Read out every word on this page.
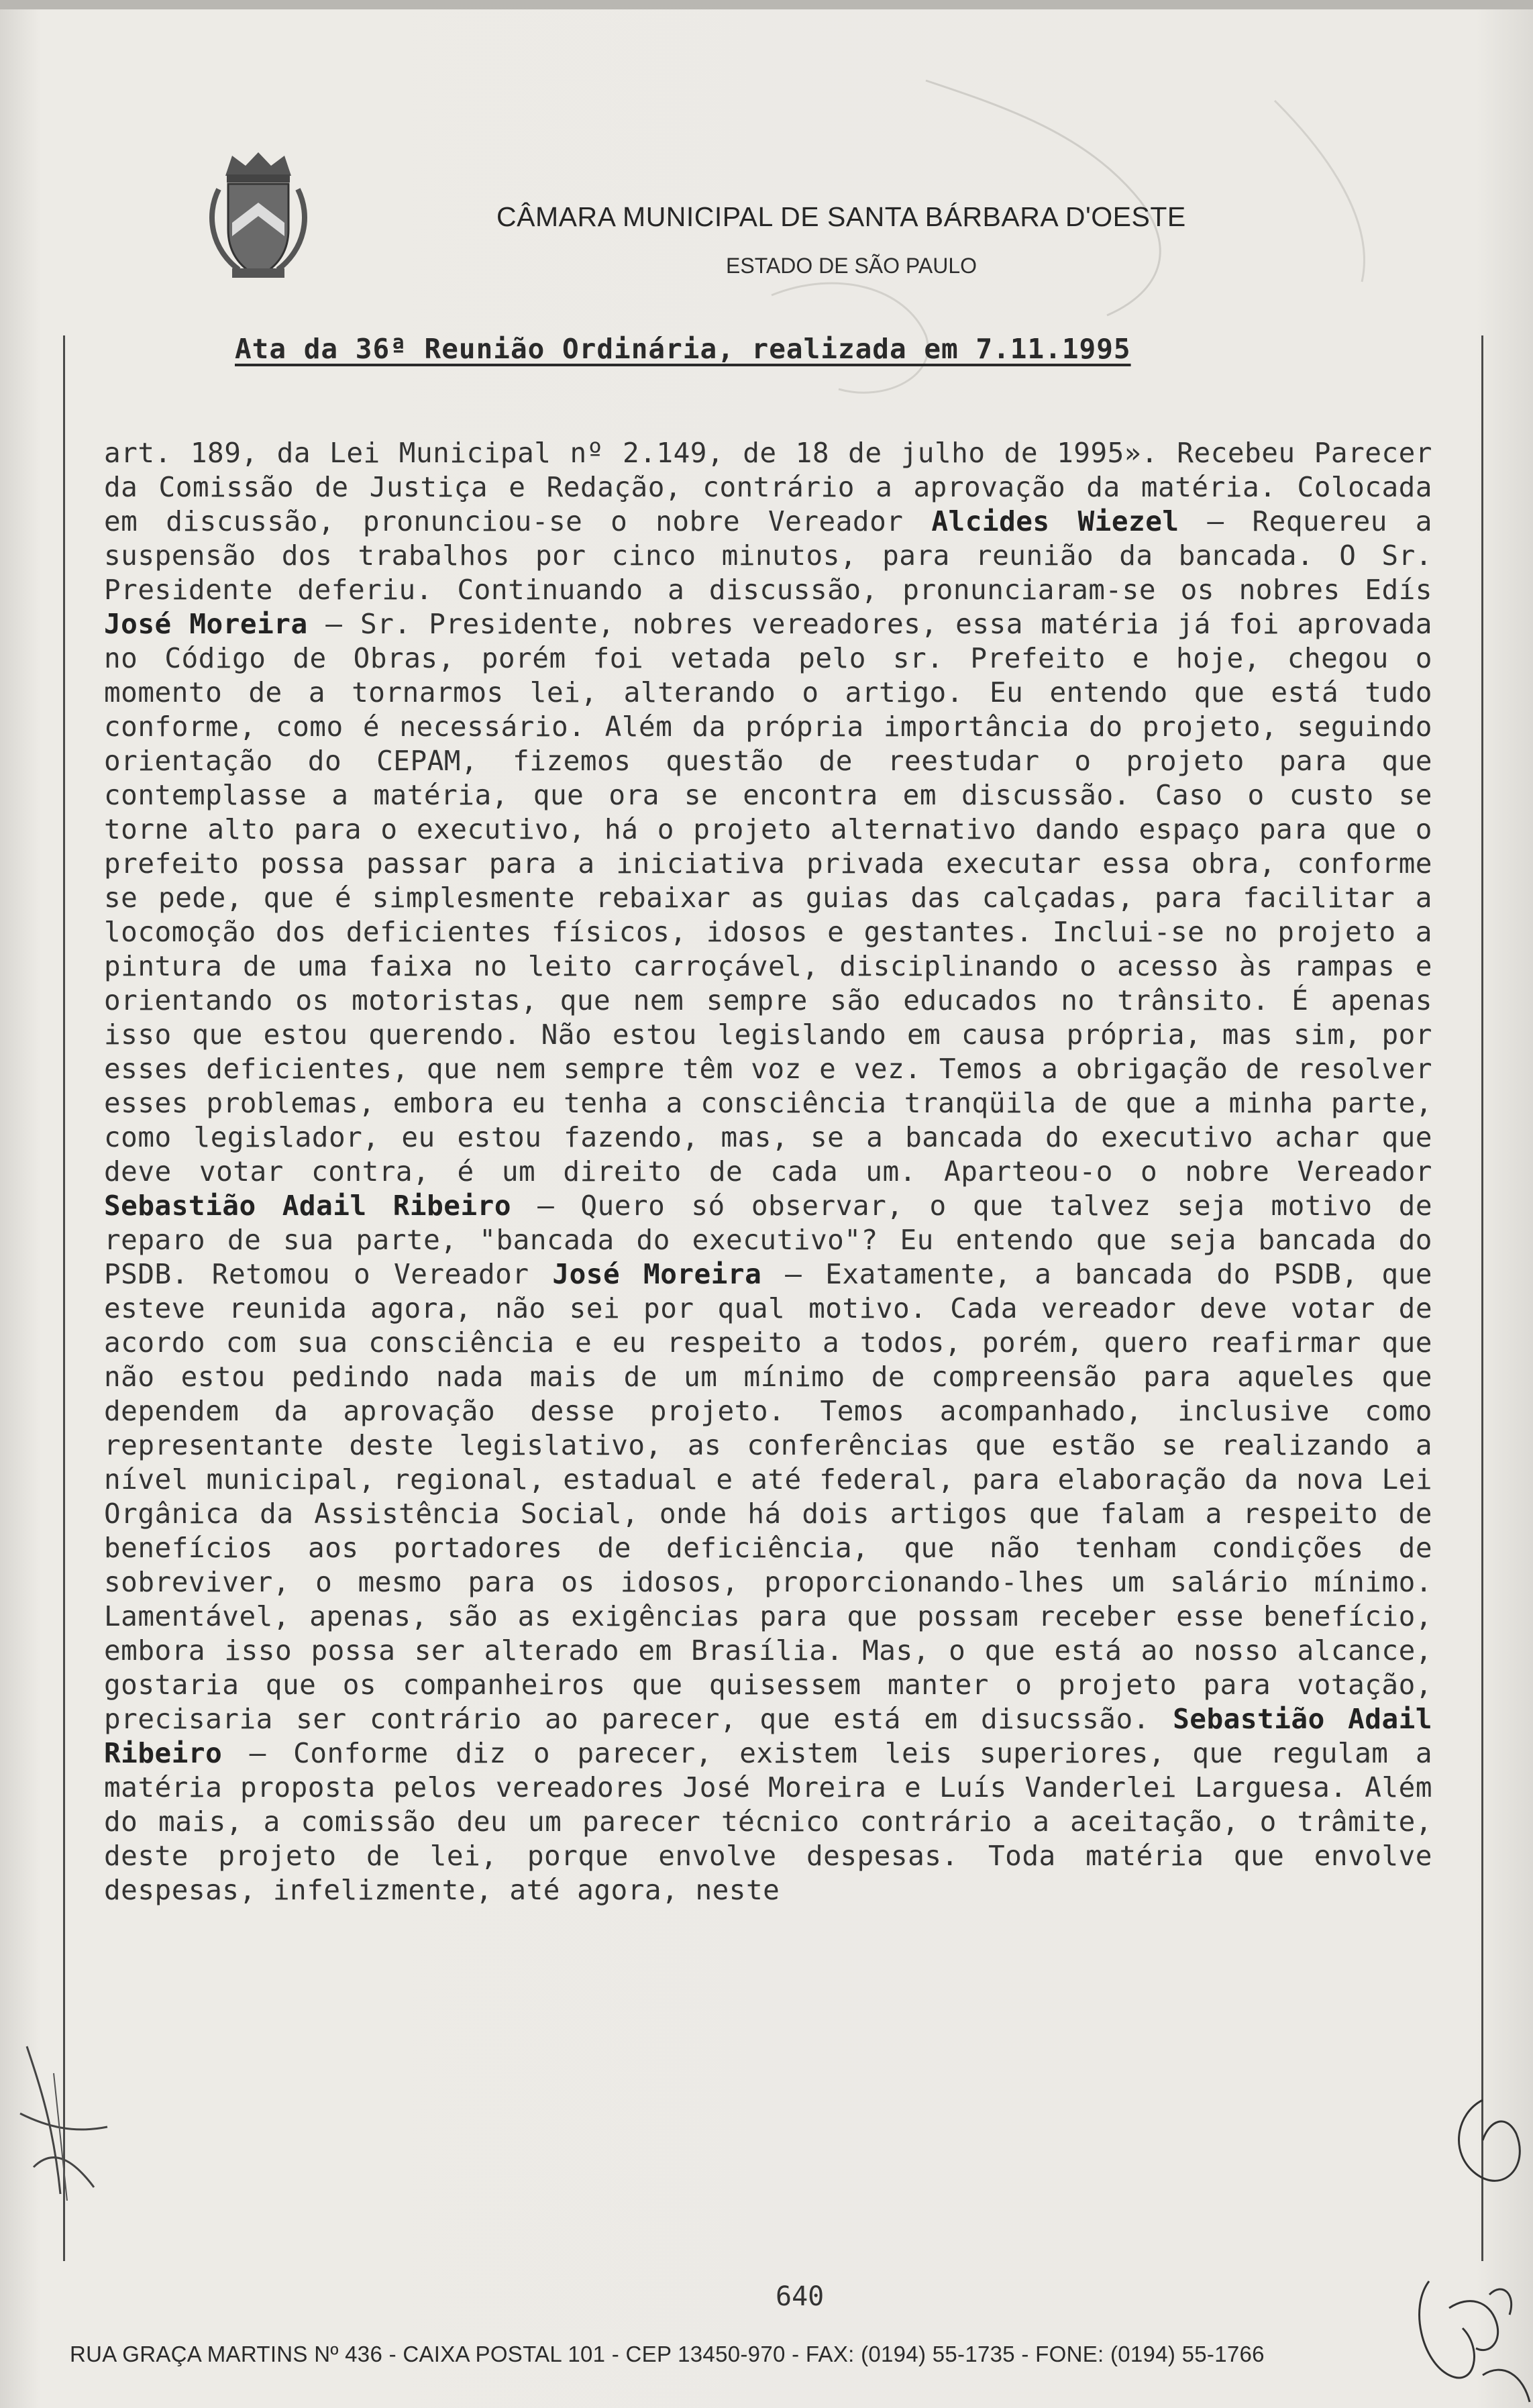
CÂMARA MUNICIPAL DE SANTA BÁRBARA D'OESTE
ESTADO DE SÃO PAULO
Ata da 36ª Reunião Ordinária, realizada em 7.11.1995
art. 189, da Lei Municipal nº 2.149, de 18 de julho de 1995». Recebeu Parecer da Comissão de Justiça e Redação, contrário a aprovação da matéria. Colocada em discussão, pronunciou-se o nobre Vereador Alcides Wiezel – Requereu a suspensão dos trabalhos por cinco minutos, para reunião da bancada. O Sr. Presidente deferiu. Continuando a discussão, pronunciaram-se os nobres Edís José Moreira – Sr. Presidente, nobres vereadores, essa matéria já foi aprovada no Código de Obras, porém foi vetada pelo sr. Prefeito e hoje, chegou o momento de a tornarmos lei, alterando o artigo. Eu entendo que está tudo conforme, como é necessário. Além da própria importância do projeto, seguindo orientação do CEPAM, fizemos questão de reestudar o projeto para que contemplasse a matéria, que ora se encontra em discussão. Caso o custo se torne alto para o executivo, há o projeto alternativo dando espaço para que o prefeito possa passar para a iniciativa privada executar essa obra, conforme se pede, que é simplesmente rebaixar as guias das calçadas, para facilitar a locomoção dos deficientes físicos, idosos e gestantes. Inclui-se no projeto a pintura de uma faixa no leito carroçável, disciplinando o acesso às rampas e orientando os motoristas, que nem sempre são educados no trânsito. É apenas isso que estou querendo. Não estou legislando em causa própria, mas sim, por esses deficientes, que nem sempre têm voz e vez. Temos a obrigação de resolver esses problemas, embora eu tenha a consciência tranqüila de que a minha parte, como legislador, eu estou fazendo, mas, se a bancada do executivo achar que deve votar contra, é um direito de cada um. Aparteou-o o nobre Vereador Sebastião Adail Ribeiro – Quero só observar, o que talvez seja motivo de reparo de sua parte, "bancada do executivo"? Eu entendo que seja bancada do PSDB. Retomou o Vereador José Moreira – Exatamente, a bancada do PSDB, que esteve reunida agora, não sei por qual motivo. Cada vereador deve votar de acordo com sua consciência e eu respeito a todos, porém, quero reafirmar que não estou pedindo nada mais de um mínimo de compreensão para aqueles que dependem da aprovação desse projeto. Temos acompanhado, inclusive como representante deste legislativo, as conferências que estão se realizando a nível municipal, regional, estadual e até federal, para elaboração da nova Lei Orgânica da Assistência Social, onde há dois artigos que falam a respeito de benefícios aos portadores de deficiência, que não tenham condições de sobreviver, o mesmo para os idosos, proporcionando-lhes um salário mínimo. Lamentável, apenas, são as exigências para que possam receber esse benefício, embora isso possa ser alterado em Brasília. Mas, o que está ao nosso alcance, gostaria que os companheiros que quisessem manter o projeto para votação, precisaria ser contrário ao parecer, que está em disucssão. Sebastião Adail Ribeiro – Conforme diz o parecer, existem leis superiores, que regulam a matéria proposta pelos vereadores José Moreira e Luís Vanderlei Larguesa. Além do mais, a comissão deu um parecer técnico contrário a aceitação, o trâmite, deste projeto de lei, porque envolve despesas. Toda matéria que envolve despesas, infelizmente, até agora, neste
640
RUA GRAÇA MARTINS Nº 436 - CAIXA POSTAL 101 - CEP 13450-970 - FAX: (0194) 55-1735 - FONE: (0194) 55-1766
